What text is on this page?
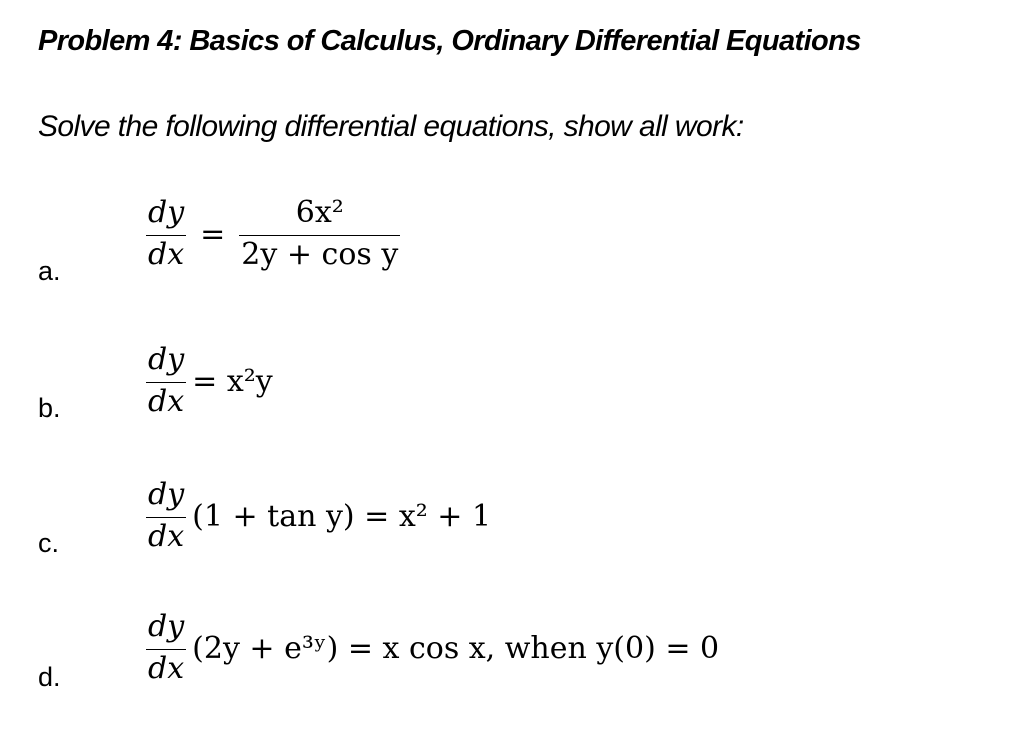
Problem 4: Basics of Calculus, Ordinary Differential Equations
Solve the following differential equations, show all work:
a.	$\frac{dy}{dx} = \frac{\text{6x²}}{\text{2y + cos y}}$
b.	$\frac{dy}{dx} = x^2y$
c.	$\frac{dy}{dx} (1 + \tan y) = x^2 + 1$
d.	$\frac{dy}{dx} (2y$ + e³ʸ) = x cos x, when y(0) = 0
